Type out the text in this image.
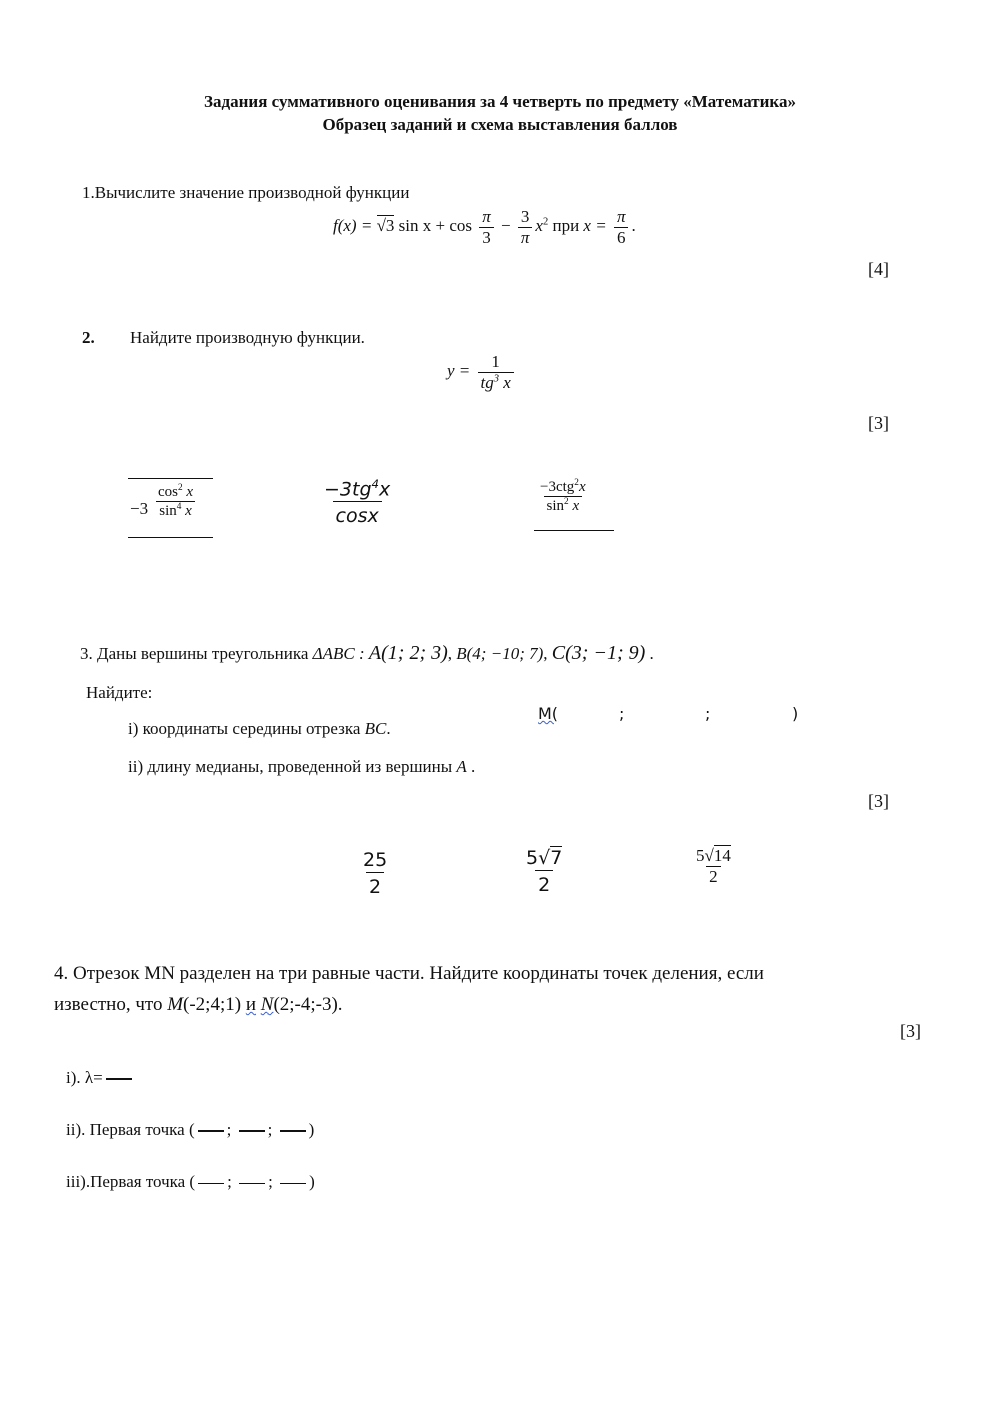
Задания суммативного оценивания за 4 четверть по предмету «Математика»
Образец заданий и схема выставления баллов
1.Вычислите значение производной функции
f(x) = √3 $\sin x + \cos \frac{\pi}{3} - \frac{3}{\pi} x^2$ при $x = \frac{\pi}{6}$ .
[4]
2. Найдите производную функции.
$y = \frac{1}{tg^3 x}$
[3]
$-3 \frac{\cos^2 x}{\sin^4 x}$	$\frac{-3tg^4x}{\cos x}$	$\frac{-3ctg^2x}{\sin^2 x}$
3. Даны вершины треугольника ΔABC : A(1; 2; 3), B(4; −10; 7), C(3; −1; 9) .
Найдите:
i) координаты середины отрезка BC.
M(	;	;	)
ii) длину медианы, проведенной из вершины A .
[3]
$\frac{25}{2}$	$\frac{5√7}{2}$	$\frac{5√14}{2}$
4. Отрезок MN разделен на три равные части. Найдите координаты точек деления, если
известно, что M(-2;4;1) и N(2;-4;-3).
[3]
i). λ=
ii). Первая точка ( ; ; )
iii).Первая точка ( ; ; )
